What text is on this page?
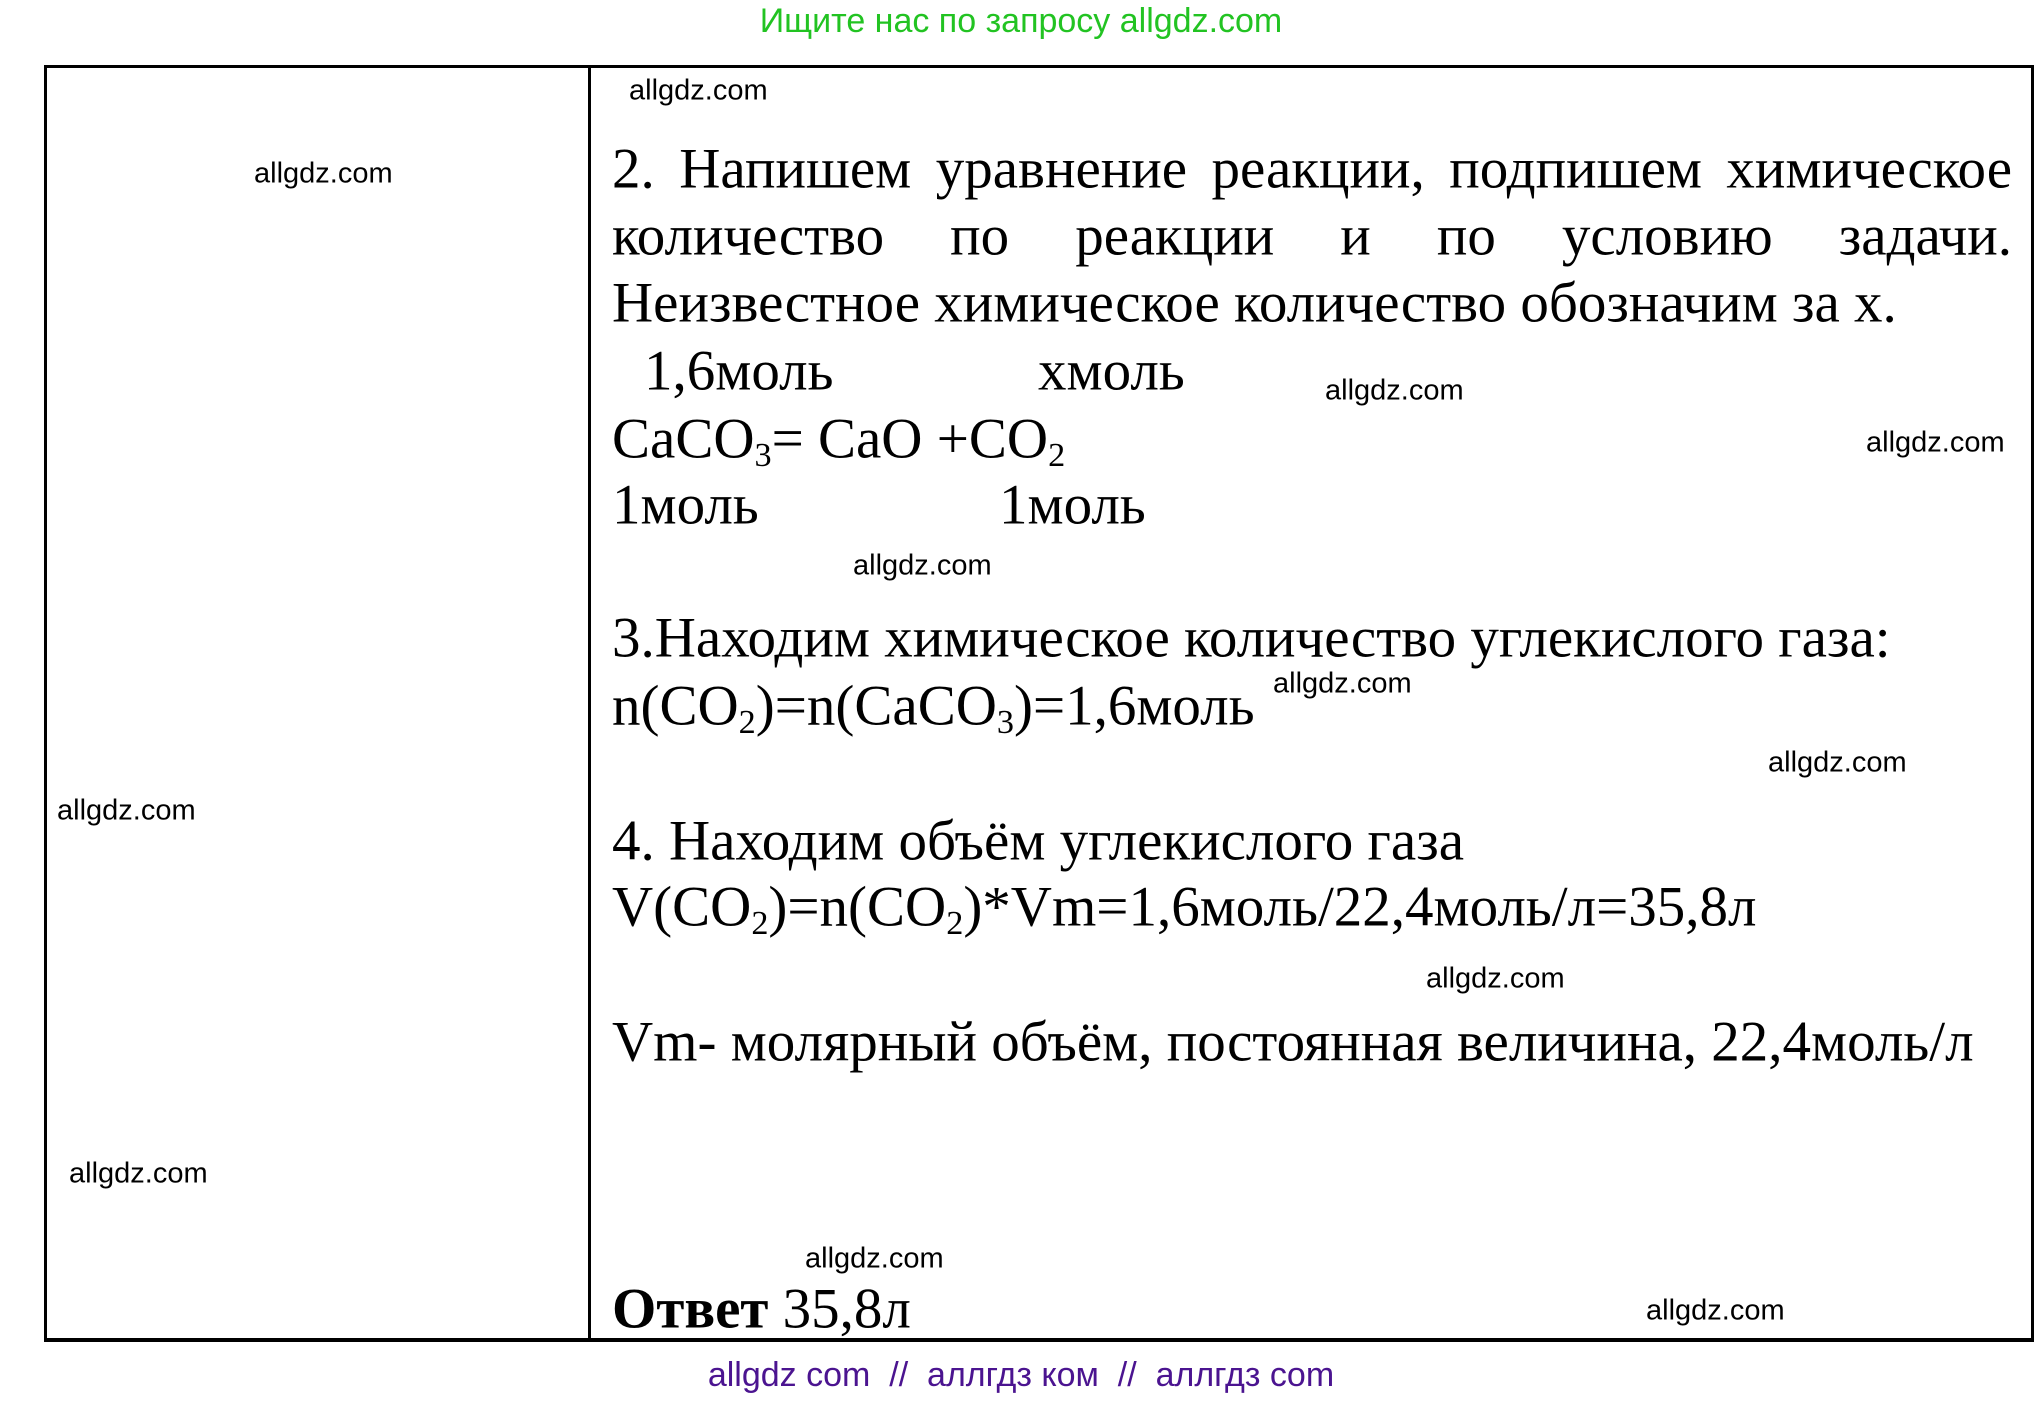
Ищите нас по запросу allgdz.com
allgdz.com
allgdz.com
allgdz.com
allgdz.com
allgdz.com
allgdz.com
allgdz.com
allgdz.com
allgdz.com
allgdz.com
allgdz.com
allgdz.com
2. Напишем уравнение реакции, подпишем химическое
количество по реакции и по условию задачи.
Неизвестное химическое количество обозначим за x.
1,6моль	хмоль
CaCO$_3$= CaO $+CO_2$
1моль	1моль
3.Находим химическое количество углекислого газа:
$n(CO_2)=n(CaCO_3)=1,6моль$
4. Находим объём углекислого газа
$V(CO_2)=n(CO_2)*Vm=1,6моль/22,4моль/л=35,8л$
Vm- молярный объём, постоянная величина, 22,4моль/л
Ответ 35,8л
allgdz com  //  аллгдз ком  //  аллгдз com
